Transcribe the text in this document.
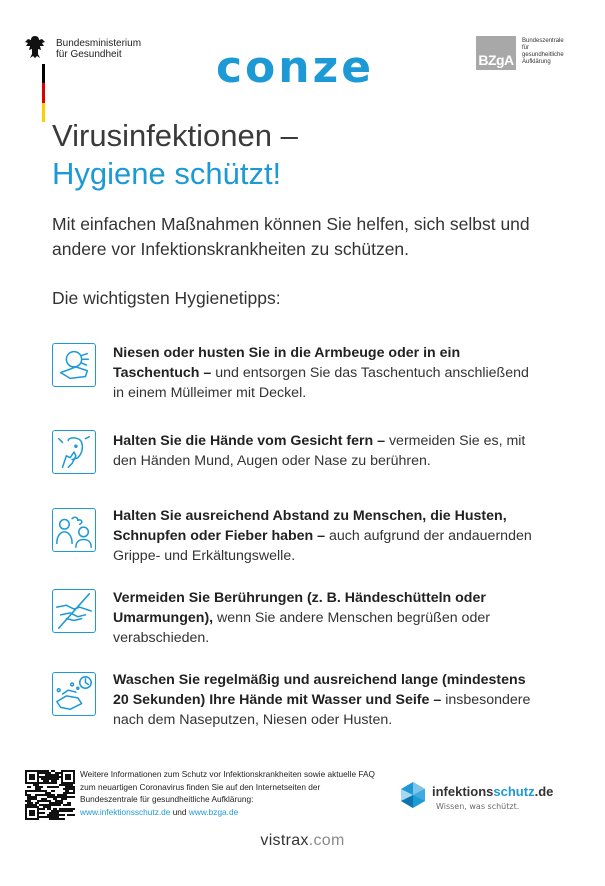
Bundesministerium
für Gesundheit	conze	BZgA
Bundeszentrale
für
gesundheitliche
Aufklärung
Virusinfektionen –
Hygiene schützt!
Mit einfachen Maßnahmen können Sie helfen, sich selbst und andere vor Infektionskrankheiten zu schützen.
Die wichtigsten Hygienetipps:
Niesen oder husten Sie in die Armbeuge oder in ein Taschentuch – und entsorgen Sie das Taschentuch anschließend in einem Mülleimer mit Deckel.
Halten Sie die Hände vom Gesicht fern – vermeiden Sie es, mit den Händen Mund, Augen oder Nase zu berühren.
Halten Sie ausreichend Abstand zu Menschen, die Husten, Schnupfen oder Fieber haben – auch aufgrund der andauernden Grippe- und Erkältungswelle.
Vermeiden Sie Berührungen (z. B. Händeschütteln oder Umarmungen), wenn Sie andere Menschen begrüßen oder verabschieden.
Waschen Sie regelmäßig und ausreichend lange (mindestens 20 Sekunden) Ihre Hände mit Wasser und Seife – insbesondere nach dem Naseputzen, Niesen oder Husten.
Weitere Informationen zum Schutz vor Infektionskrankheiten sowie aktuelle FAQ zum neuartigen Coronavirus finden Sie auf den Internetseiten der Bundeszentrale für gesundheitliche Aufklärung:
www.infektionsschutz.de und www.bzga.de
infektionsschutz.de
Wissen, was schützt.
vistrax.com
